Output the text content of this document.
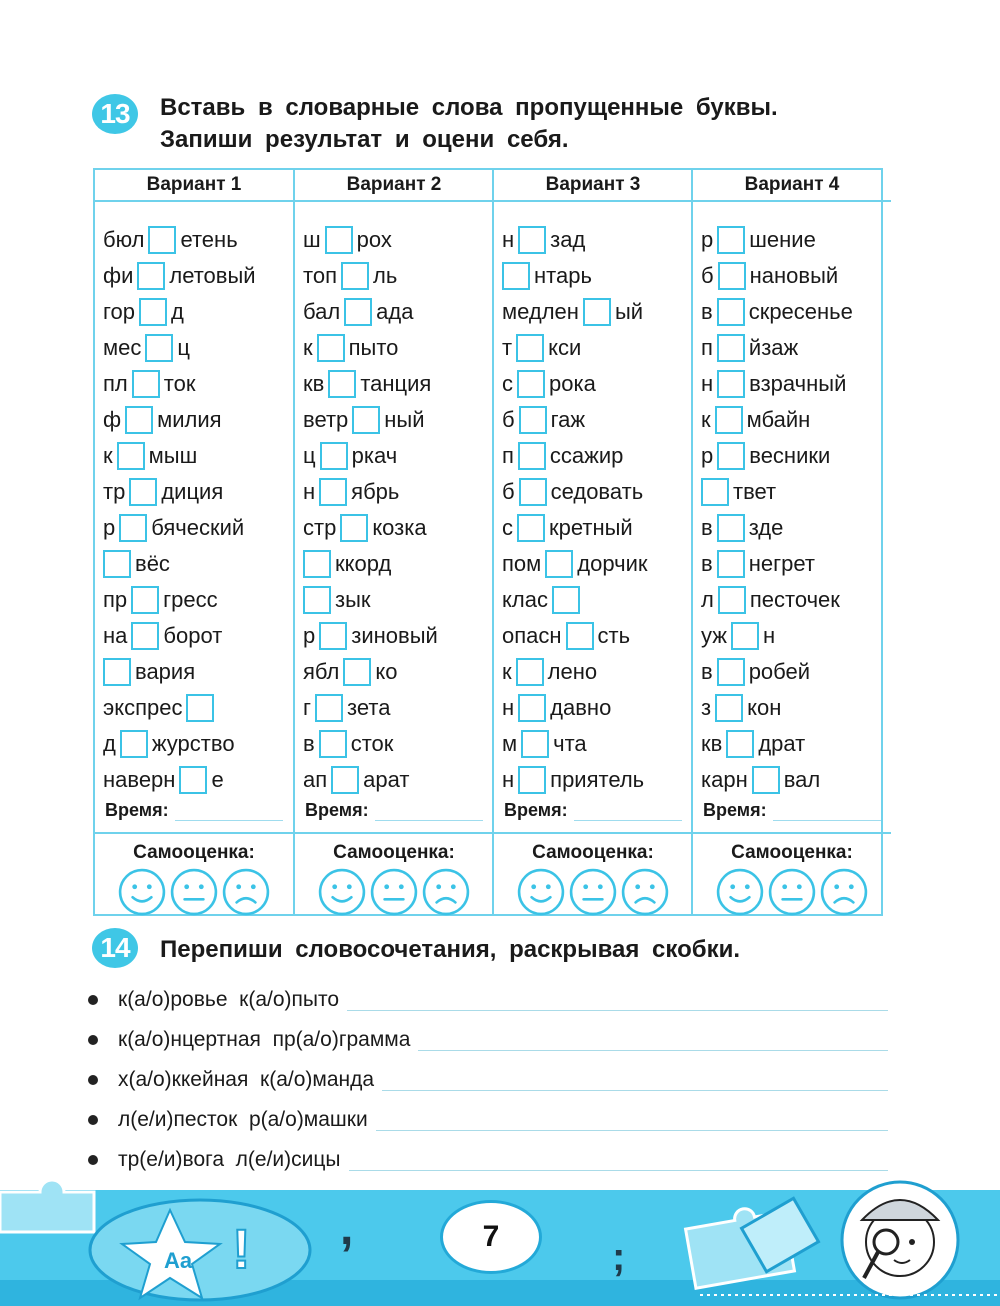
13 Вставь в словарные слова пропущенные буквы.
Запиши результат и оцени себя.
Вариант 1
бюл етень
фи летовый
гор д
мес ц
пл ток
ф милия
к мыш
тр диция
р бячеcкий
вёс
пр гресс
на борот
вария
экспрес
д журство
наверн е
Время:
Самооценка:
Вариант 2
ш рох
топ ль
бал ада
к пыто
кв танция
ветр ный
ц ркач
н ябрь
стр козка
ккорд
зык
р зиновый
ябл ко
г зета
в сток
ап арат
Время:
Самооценка:
Вариант 3
н зад
нтарь
медлен ый
т кси
с рока
б гаж
п ссажир
б седовать
с кретный
пом дорчик
клас
опасн сть
к лено
н давно
м чта
н приятель
Время:
Самооценка:
Вариант 4
р шение
б нановый
в скресенье
п йзаж
н взрачный
к мбайн
р весники
твет
в зде
в негрет
л песточек
уж н
в робей
з кон
кв драт
карн вал
Время:
Самооценка:
14 Перепиши словосочетания, раскрывая скобки.
к(а/о)ровье  к(а/о)пыто
к(а/о)нцертная  пр(а/о)грамма
х(а/о)ккейная  к(а/о)манда
л(е/и)песток  р(а/о)машки
тр(е/и)вога  л(е/и)сицы
Aa ! ,
;
7
